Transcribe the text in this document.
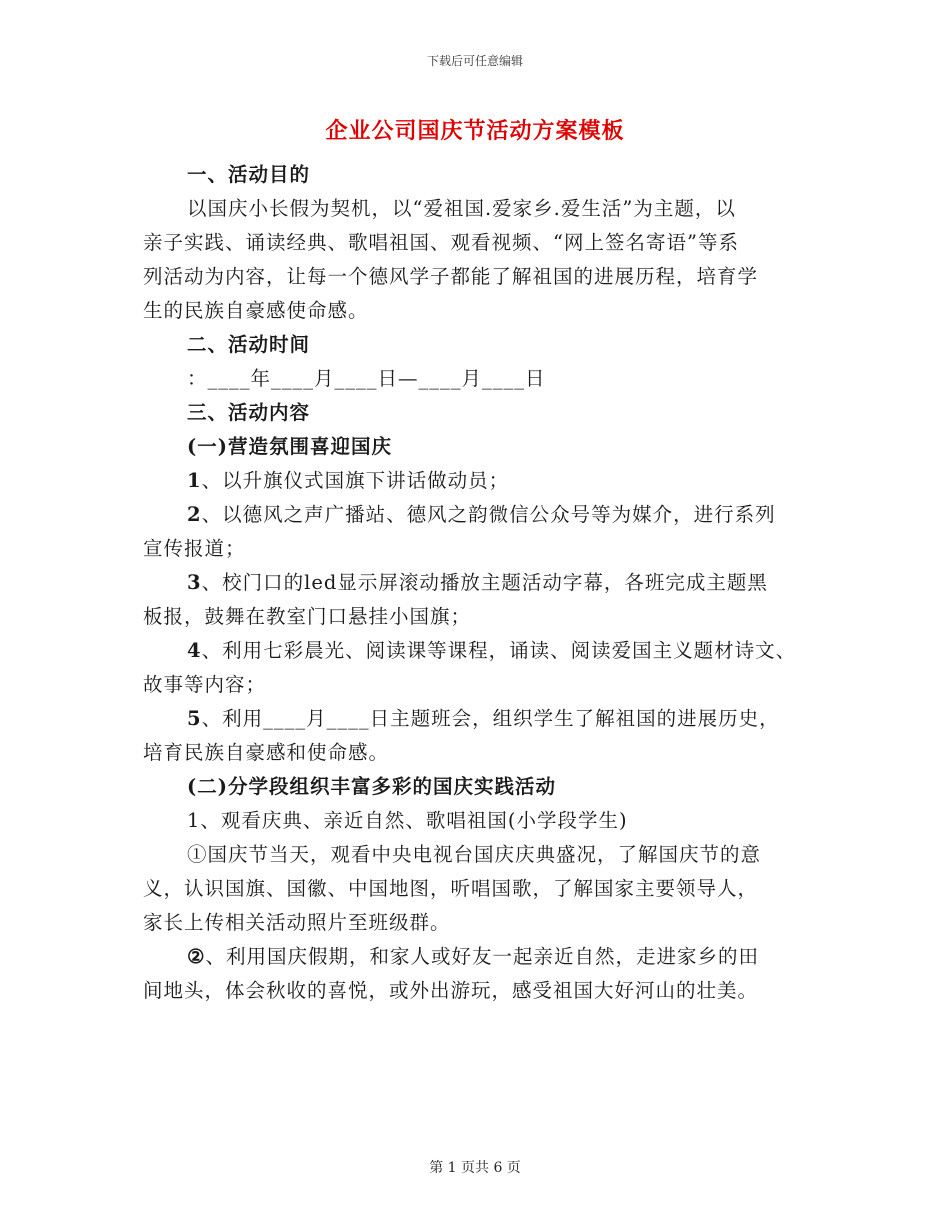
下载后可任意编辑
企业公司国庆节活动方案模板
一、活动目的
以国庆小长假为契机，以“爱祖国.爱家乡.爱生活”为主题，以
亲子实践、诵读经典、歌唱祖国、观看视频、“网上签名寄语”等系
列活动为内容，让每一个德风学子都能了解祖国的进展历程，培育学
生的民族自豪感使命感。
二、活动时间
：____年____月____日—____月____日
三、活动内容
(一)营造氛围喜迎国庆
1、以升旗仪式国旗下讲话做动员；
2、以德风之声广播站、德风之韵微信公众号等为媒介，进行系列
宣传报道；
3、校门口的led显示屏滚动播放主题活动字幕，各班完成主题黑
板报，鼓舞在教室门口悬挂小国旗；
4、利用七彩晨光、阅读课等课程，诵读、阅读爱国主义题材诗文、
故事等内容；
5、利用____月____日主题班会，组织学生了解祖国的进展历史，
培育民族自豪感和使命感。
(二)分学段组织丰富多彩的国庆实践活动
1、观看庆典、亲近自然、歌唱祖国(小学段学生)
①国庆节当天，观看中央电视台国庆庆典盛况，了解国庆节的意
义，认识国旗、国徽、中国地图，听唱国歌，了解国家主要领导人，
家长上传相关活动照片至班级群。
②、利用国庆假期，和家人或好友一起亲近自然，走进家乡的田
间地头，体会秋收的喜悦，或外出游玩，感受祖国大好河山的壮美。
第 1 页共 6 页
